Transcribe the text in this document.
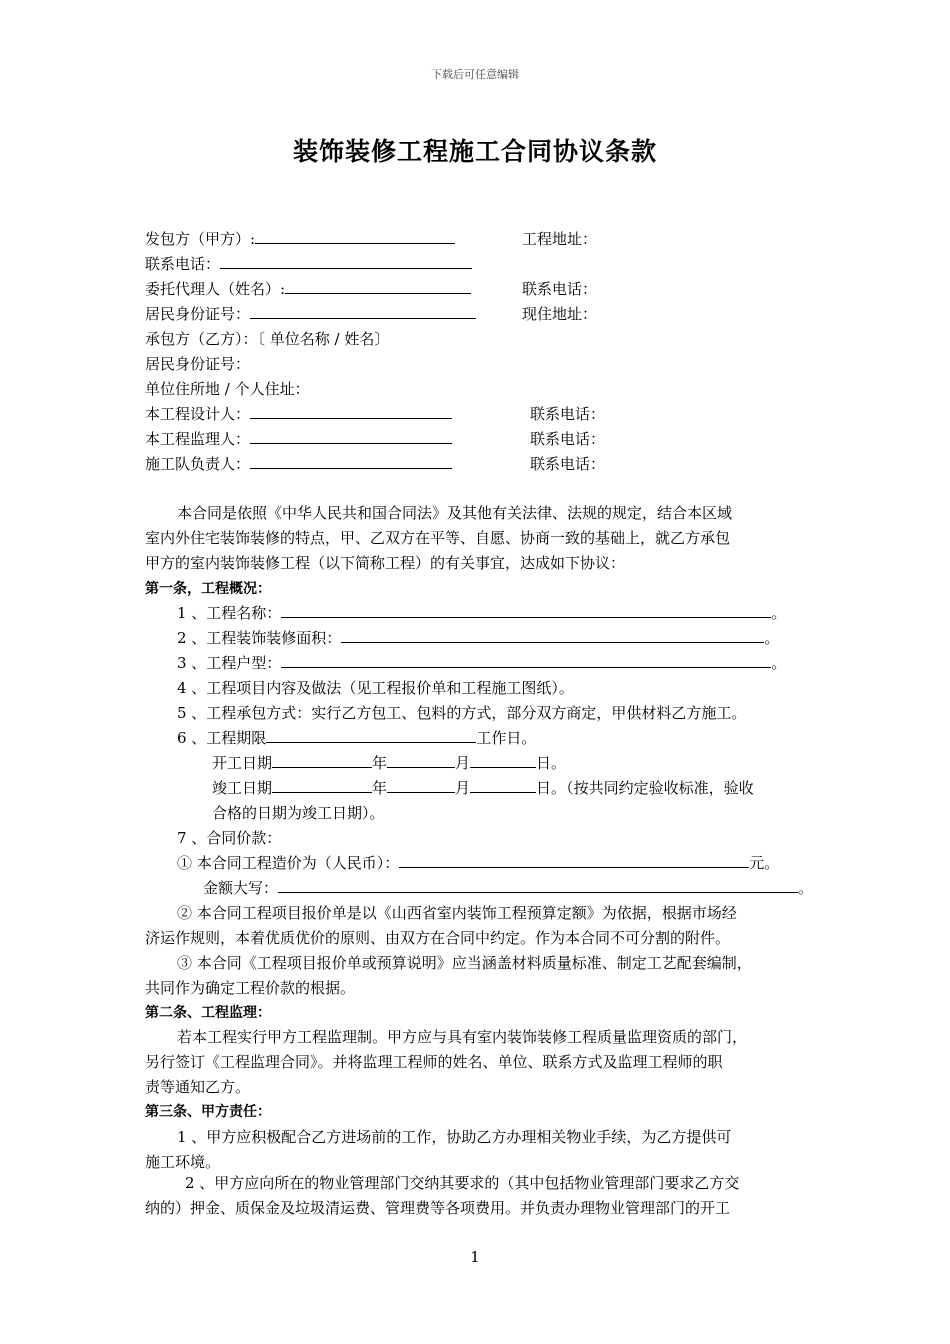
下载后可任意编辑
装饰装修工程施工合同协议条款
发包方（甲方）:	工程地址：
联系电话：
委托代理人（姓名）:	联系电话：
居民身份证号：	现住地址：
承包方（乙方）：〔 单位名称 / 姓名〕
居民身份证号：
单位住所地 / 个人住址：
本工程设计人：	联系电话：
本工程监理人：	联系电话：
施工队负责人：	联系电话：
本合同是依照《中华人民共和国合同法》及其他有关法律、法规的规定，结合本区域
室内外住宅装饰装修的特点，甲、乙双方在平等、自愿、协商一致的基础上，就乙方承包
甲方的室内装饰装修工程（以下简称工程）的有关事宜，达成如下协议：
第一条，工程概况：
1 、工程名称：	。
2 、工程装饰装修面积：	。
3 、工程户型：	。
4 、工程项目内容及做法（见工程报价单和工程施工图纸）。
5 、工程承包方式：实行乙方包工、包料的方式，部分双方商定，甲供材料乙方施工。
6 、工程期限	工作日。
开工日期	年	月	日。
竣工日期	年	月	日。（按共同约定验收标准，验收
合格的日期为竣工日期）。
7 、合同价款：
① 本合同工程造价为（人民币）：	元。
金额大写：	。
② 本合同工程项目报价单是以《山西省室内装饰工程预算定额》为依据，根据市场经
济运作规则，本着优质优价的原则、由双方在合同中约定。作为本合同不可分割的附件。
③ 本合同《工程项目报价单或预算说明》应当涵盖材料质量标准、制定工艺配套编制，
共同作为确定工程价款的根据。
第二条、工程监理：
若本工程实行甲方工程监理制。甲方应与具有室内装饰装修工程质量监理资质的部门，
另行签订《工程监理合同》。并将监理工程师的姓名、单位、联系方式及监理工程师的职
责等通知乙方。
第三条、甲方责任：
1 、甲方应积极配合乙方进场前的工作，协助乙方办理相关物业手续，为乙方提供可
施工环境。
2 、甲方应向所在的物业管理部门交纳其要求的（其中包括物业管理部门要求乙方交
纳的）押金、质保金及垃圾清运费、管理费等各项费用。并负责办理物业管理部门的开工
1
